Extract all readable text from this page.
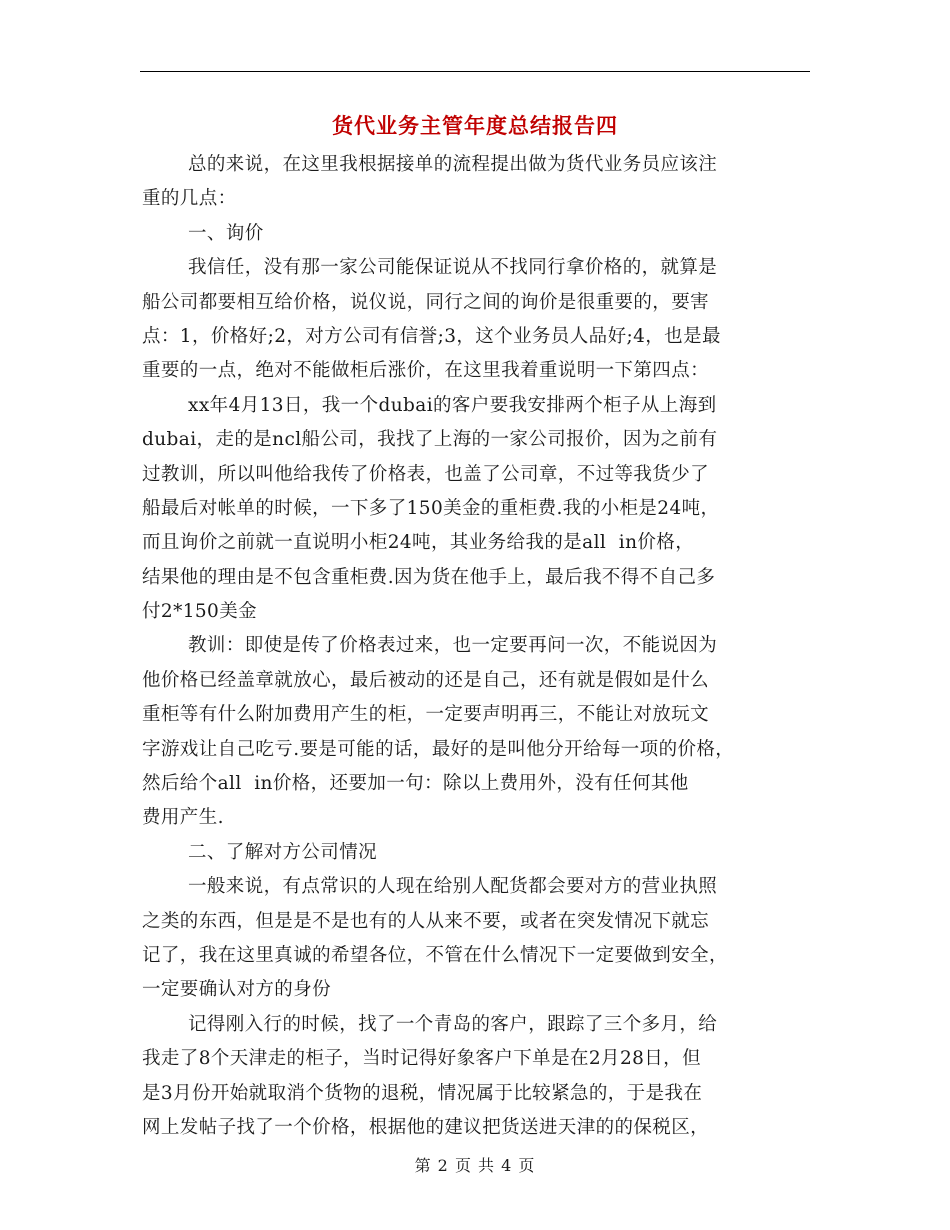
货代业务主管年度总结报告四
总的来说，在这里我根据接单的流程提出做为货代业务员应该注
重的几点：
一、询价
我信任，没有那一家公司能保证说从不找同行拿价格的，就算是
船公司都要相互给价格，说仪说，同行之间的询价是很重要的，要害
点：1，价格好;2，对方公司有信誉;3，这个业务员人品好;4，也是最
重要的一点，绝对不能做柜后涨价，在这里我着重说明一下第四点：
xx年4月13日，我一个dubai的客户要我安排两个柜子从上海到
dubai，走的是ncl船公司，我找了上海的一家公司报价，因为之前有
过教训，所以叫他给我传了价格表，也盖了公司章，不过等我货少了
船最后对帐单的时候，一下多了150美金的重柜费.我的小柜是24吨，
而且询价之前就一直说明小柜24吨，其业务给我的是all  in价格，
结果他的理由是不包含重柜费.因为货在他手上，最后我不得不自己多
付2*150美金
教训：即使是传了价格表过来，也一定要再问一次，不能说因为
他价格已经盖章就放心，最后被动的还是自己，还有就是假如是什么
重柜等有什么附加费用产生的柜，一定要声明再三，不能让对放玩文
字游戏让自己吃亏.要是可能的话，最好的是叫他分开给每一项的价格，
然后给个all  in价格，还要加一句：除以上费用外，没有任何其他
费用产生.
二、了解对方公司情况
一般来说，有点常识的人现在给别人配货都会要对方的营业执照
之类的东西，但是是不是也有的人从来不要，或者在突发情况下就忘
记了，我在这里真诚的希望各位，不管在什么情况下一定要做到安全，
一定要确认对方的身份
记得刚入行的时候，找了一个青岛的客户，跟踪了三个多月，给
我走了8个天津走的柜子，当时记得好象客户下单是在2月28日，但
是3月份开始就取消个货物的退税，情况属于比较紧急的，于是我在
网上发帖子找了一个价格，根据他的建议把货送进天津的的保税区，
第 2 页 共 4 页
